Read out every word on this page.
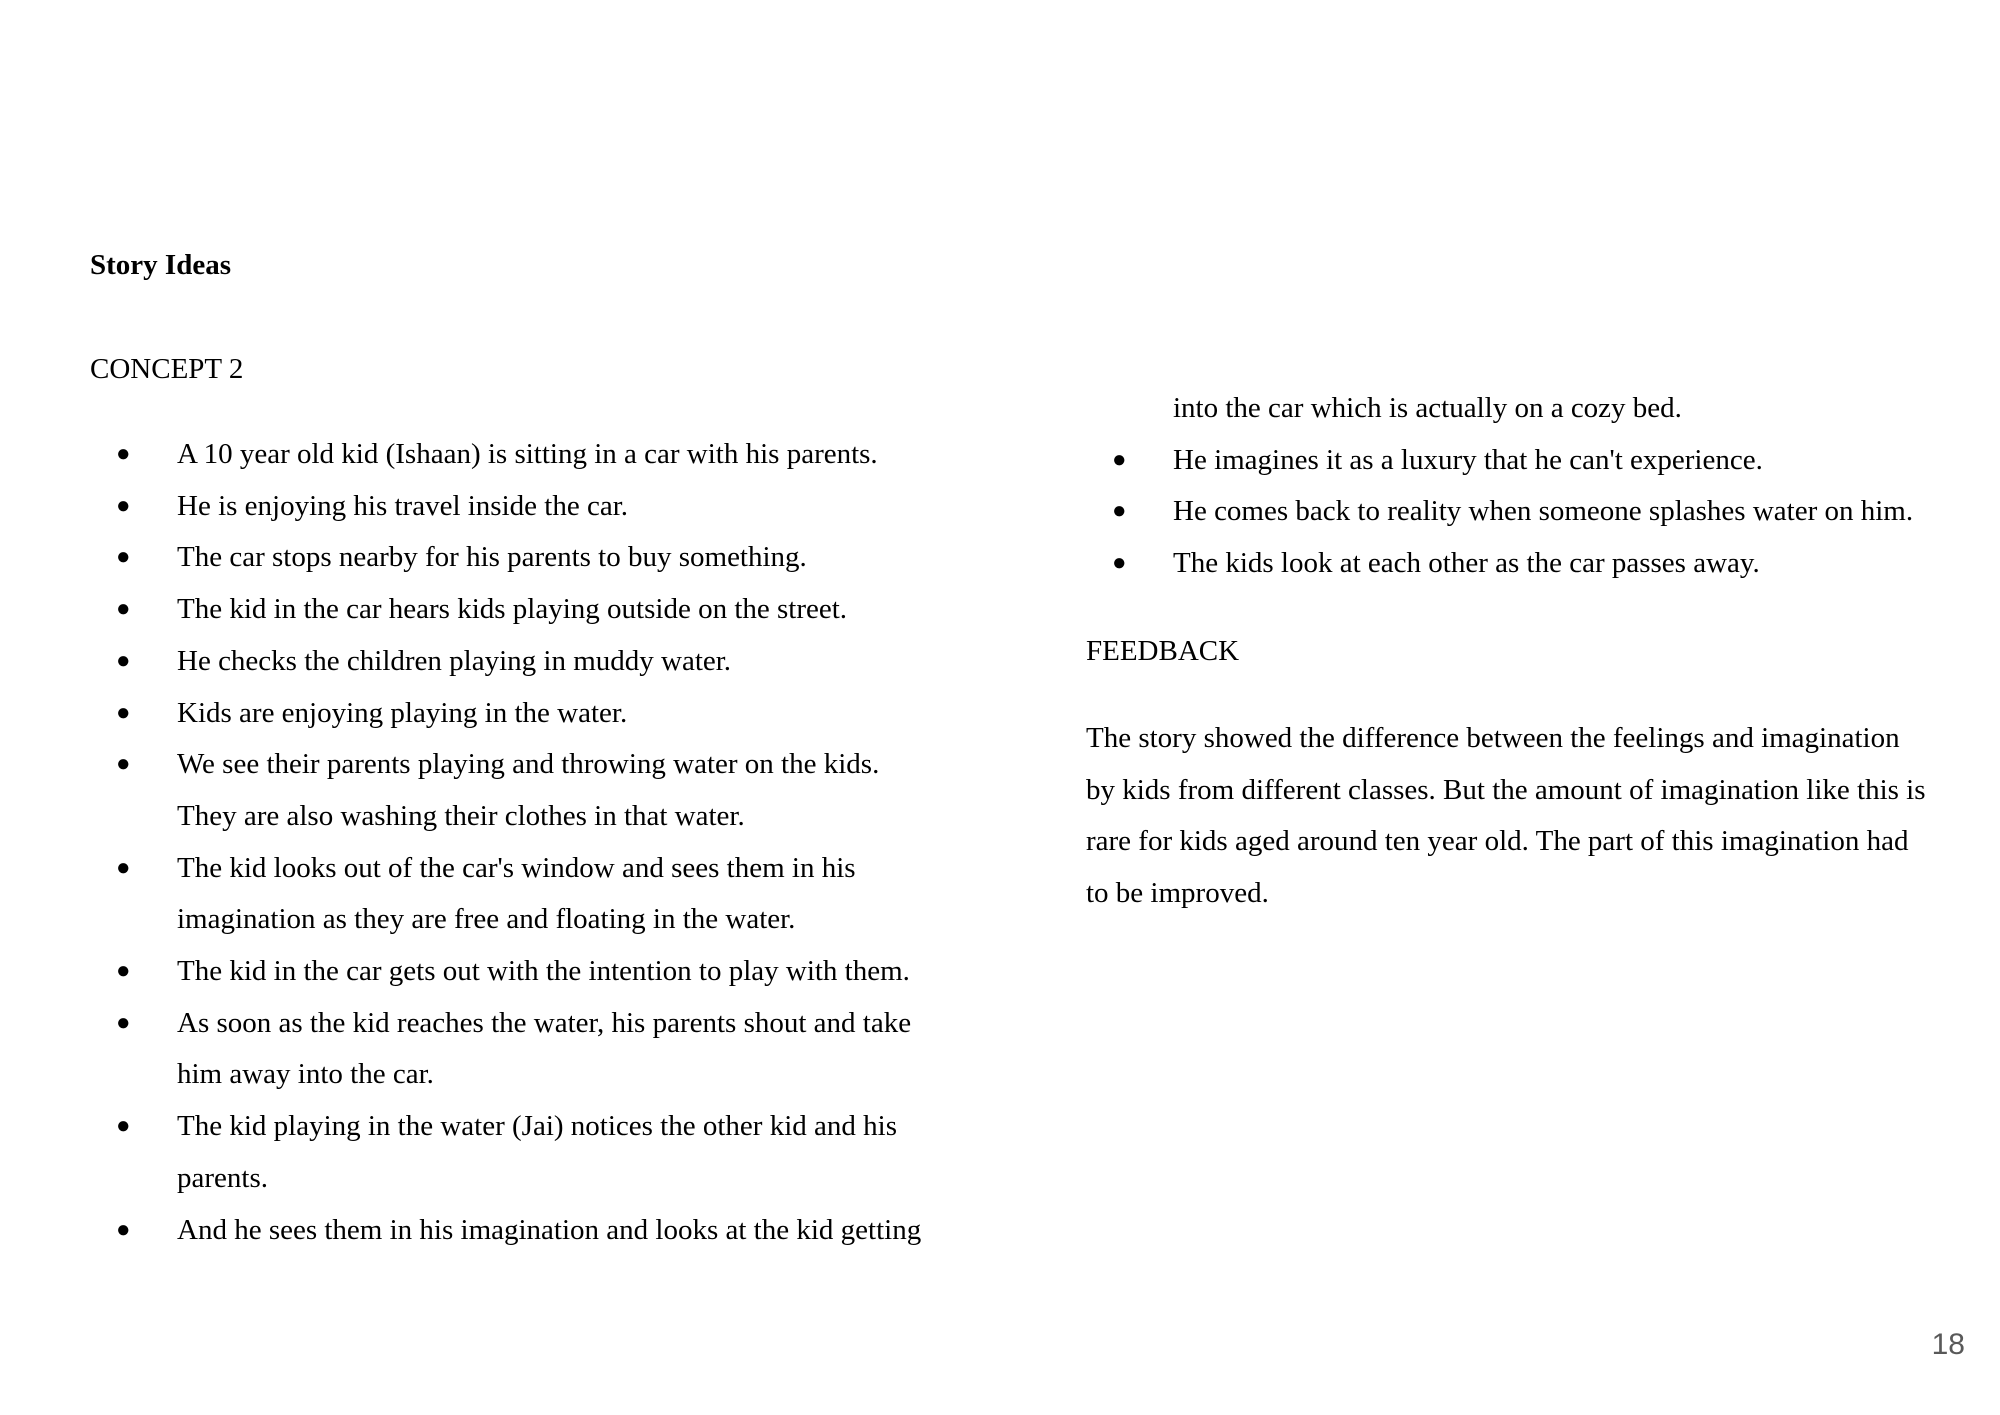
Story Ideas
CONCEPT 2
● A 10 year old kid (Ishaan) is sitting in a car with his parents.
● He is enjoying his travel inside the car.
● The car stops nearby for his parents to buy something.
● The kid in the car hears kids playing outside on the street.
● He checks the children playing in muddy water.
● Kids are enjoying playing in the water.
● We see their parents playing and throwing water on the kids.
They are also washing their clothes in that water.
● The kid looks out of the car's window and sees them in his
imagination as they are free and floating in the water.
● The kid in the car gets out with the intention to play with them.
● As soon as the kid reaches the water, his parents shout and take
him away into the car.
● The kid playing in the water (Jai) notices the other kid and his
parents.
● And he sees them in his imagination and looks at the kid getting
into the car which is actually on a cozy bed.
● He imagines it as a luxury that he can't experience.
● He comes back to reality when someone splashes water on him.
● The kids look at each other as the car passes away.
FEEDBACK

The story showed the difference between the feelings and imagination
by kids from different classes. But the amount of imagination like this is
rare for kids aged around ten year old. The part of this imagination had
to be improved.

18
